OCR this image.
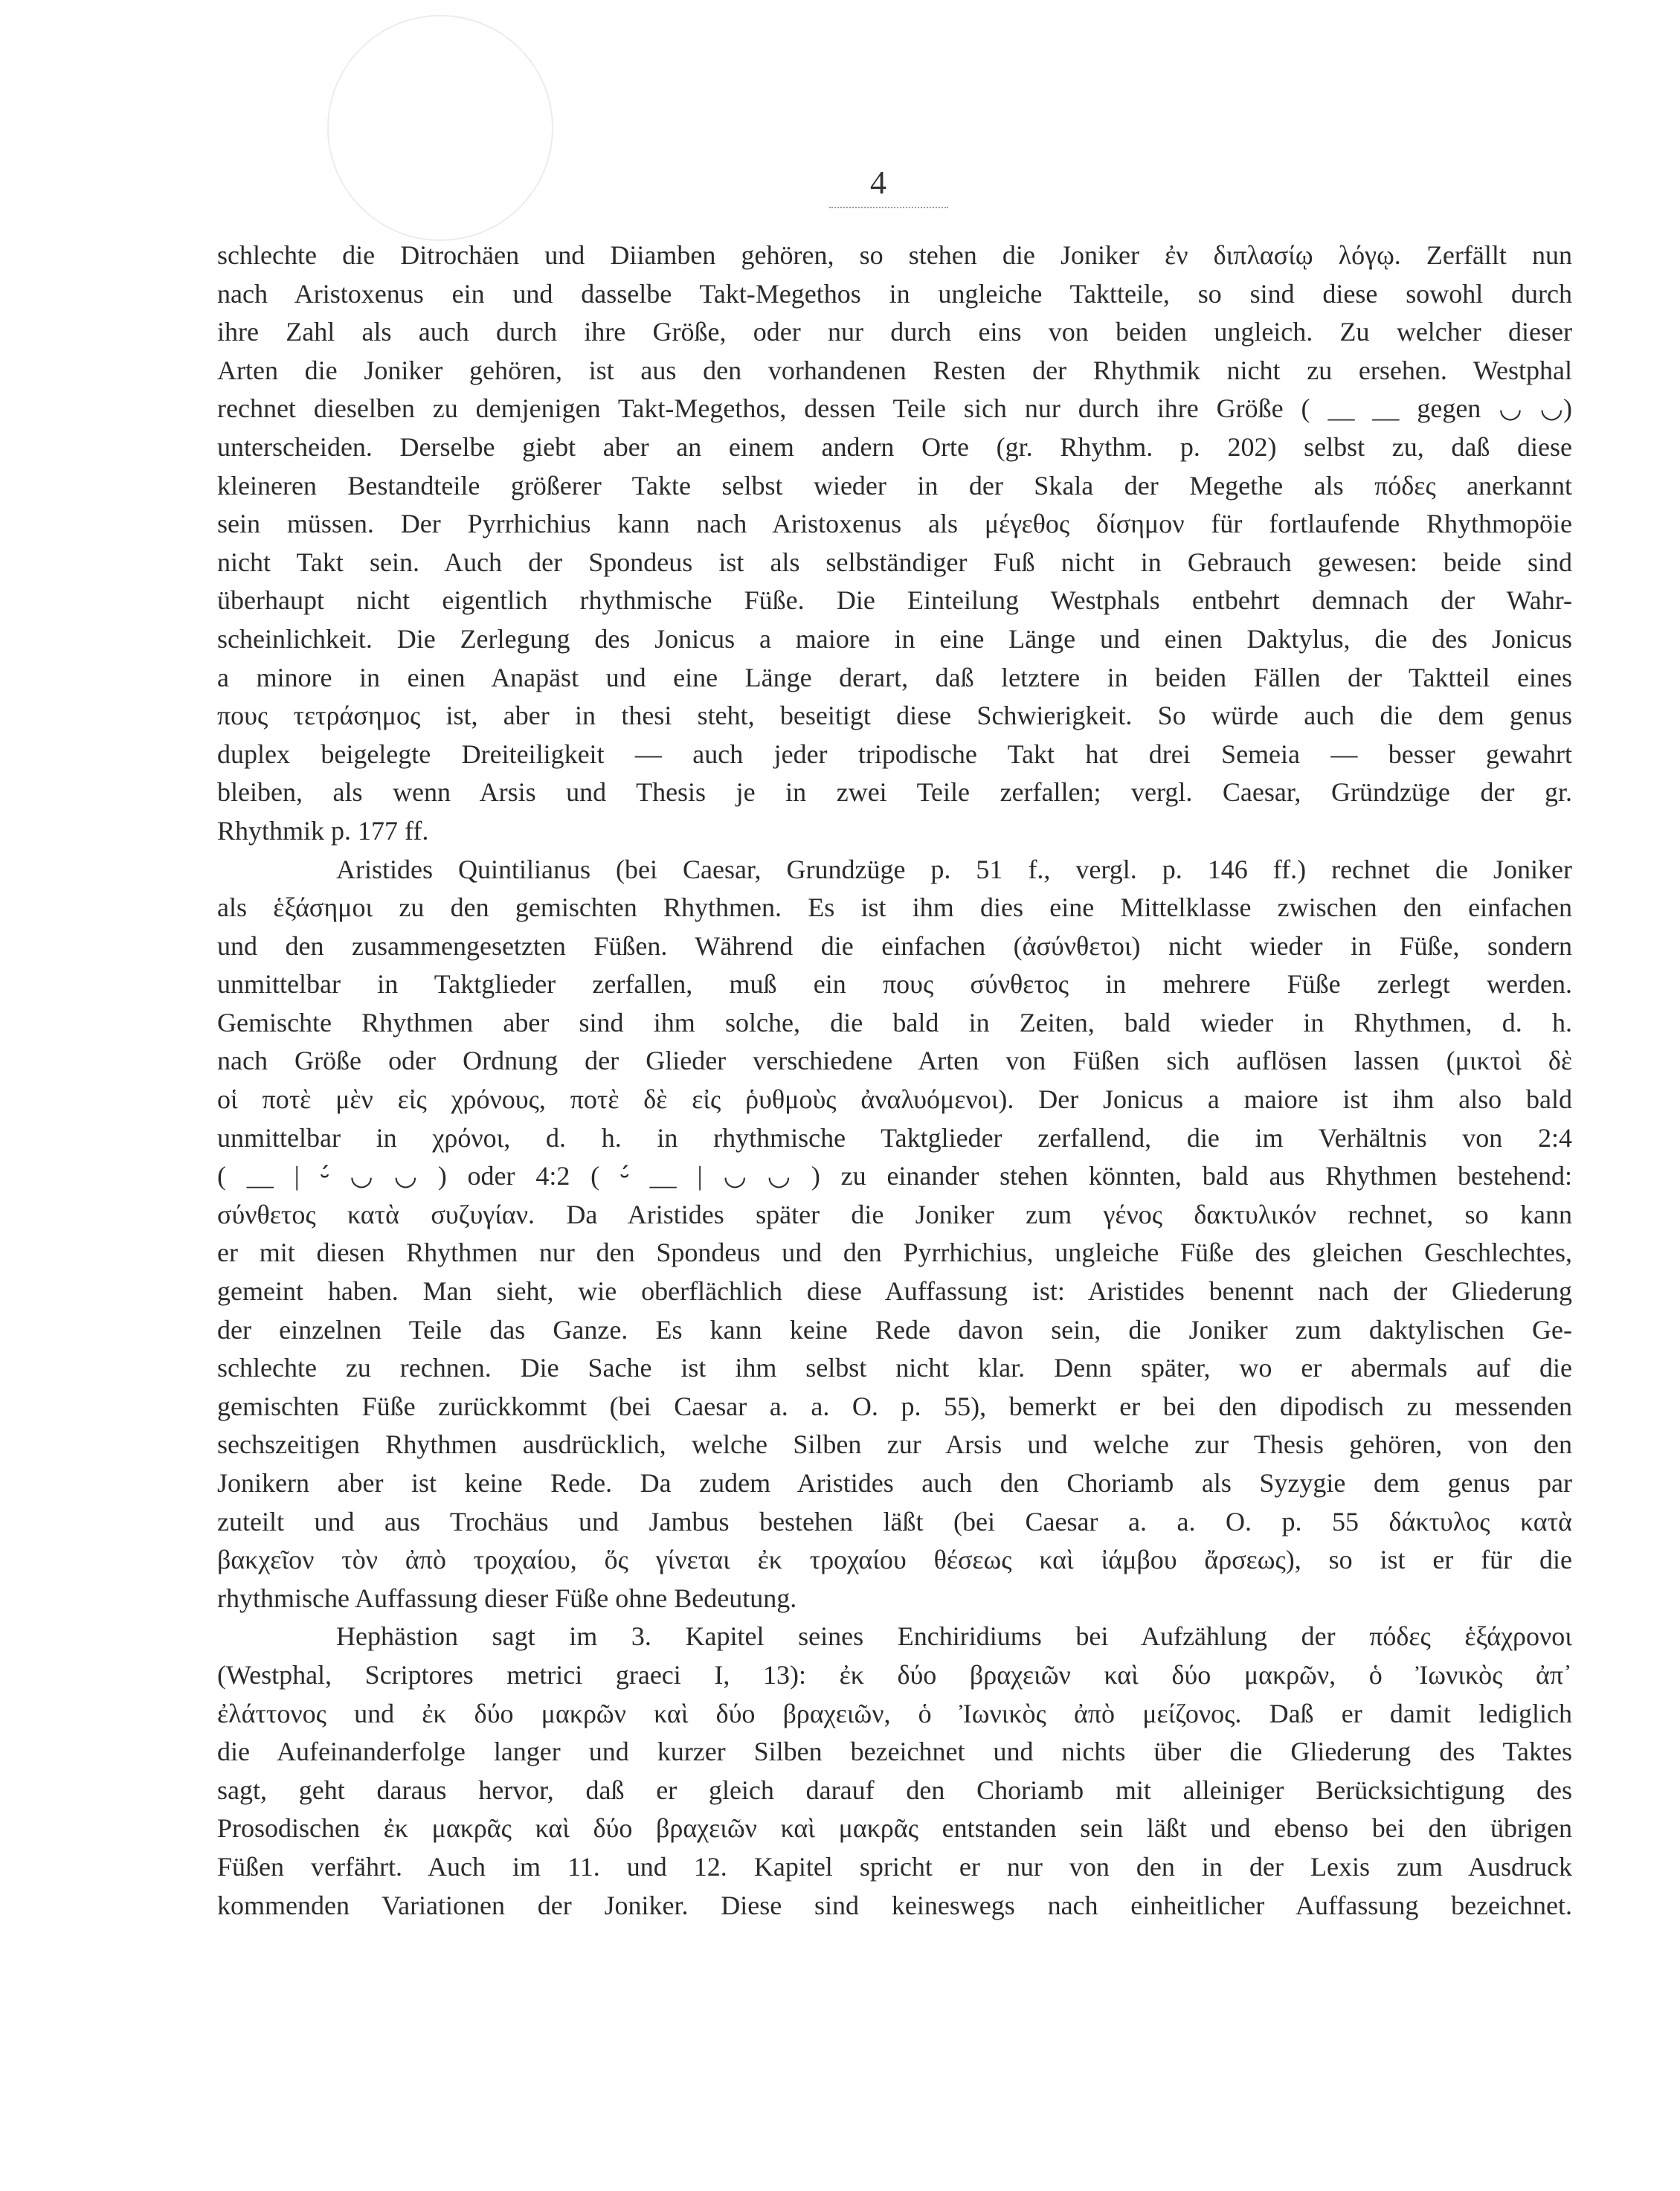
4
schlechte die Ditrochäen und Diiamben gehören, so stehen die Joniker ἐν διπλασίῳ λόγῳ. Zerfällt nun
nach Aristoxenus ein und dasselbe Takt-Megethos in ungleiche Taktteile, so sind diese sowohl durch
ihre Zahl als auch durch ihre Größe, oder nur durch eins von beiden ungleich. Zu welcher dieser
Arten die Joniker gehören, ist aus den vorhandenen Resten der Rhythmik nicht zu ersehen. Westphal
rechnet dieselben zu demjenigen Takt-Megethos, dessen Teile sich nur durch ihre Größe ( __ __ gegen ◡ ◡)
unterscheiden. Derselbe giebt aber an einem andern Orte (gr. Rhythm. p. 202) selbst zu, daß diese
kleineren Bestandteile größerer Takte selbst wieder in der Skala der Megethe als πόδες anerkannt
sein müssen. Der Pyrrhichius kann nach Aristoxenus als μέγεθος δίσημον für fortlaufende Rhythmopöie
nicht Takt sein. Auch der Spondeus ist als selbständiger Fuß nicht in Gebrauch gewesen: beide sind
überhaupt nicht eigentlich rhythmische Füße. Die Einteilung Westphals entbehrt demnach der Wahr-
scheinlichkeit. Die Zerlegung des Jonicus a maiore in eine Länge und einen Daktylus, die des Jonicus
a minore in einen Anapäst und eine Länge derart, daß letztere in beiden Fällen der Taktteil eines
πους τετράσημος ist, aber in thesi steht, beseitigt diese Schwierigkeit. So würde auch die dem genus
duplex beigelegte Dreiteiligkeit — auch jeder tripodische Takt hat drei Semeia — besser gewahrt
bleiben, als wenn Arsis und Thesis je in zwei Teile zerfallen; vergl. Caesar, Gründzüge der gr.
Rhythmik p. 177 ff.
Aristides Quintilianus (bei Caesar, Grundzüge p. 51 f., vergl. p. 146 ff.) rechnet die Joniker
als ἑξάσημοι zu den gemischten Rhythmen. Es ist ihm dies eine Mittelklasse zwischen den einfachen
und den zusammengesetzten Füßen. Während die einfachen (ἀσύνθετοι) nicht wieder in Füße, sondern
unmittelbar in Taktglieder zerfallen, muß ein πους σύνθετος in mehrere Füße zerlegt werden.
Gemischte Rhythmen aber sind ihm solche, die bald in Zeiten, bald wieder in Rhythmen, d. h.
nach Größe oder Ordnung der Glieder verschiedene Arten von Füßen sich auflösen lassen (μικτοὶ δὲ
οἱ ποτὲ μὲν εἰς χρόνους, ποτὲ δὲ εἰς ῥυθμοὺς ἀναλυόμενοι). Der Jonicus a maiore ist ihm also bald
unmittelbar in χρόνοι, d. h. in rhythmische Taktglieder zerfallend, die im Verhältnis von 2:4
( __ | ⏑́ ◡ ◡ ) oder 4:2 ( ⏑́ __ | ◡ ◡ ) zu einander stehen könnten, bald aus Rhythmen bestehend:
σύνθετος κατὰ συζυγίαν. Da Aristides später die Joniker zum γένος δακτυλικόν rechnet, so kann
er mit diesen Rhythmen nur den Spondeus und den Pyrrhichius, ungleiche Füße des gleichen Geschlechtes,
gemeint haben. Man sieht, wie oberflächlich diese Auffassung ist: Aristides benennt nach der Gliederung
der einzelnen Teile das Ganze. Es kann keine Rede davon sein, die Joniker zum daktylischen Ge-
schlechte zu rechnen. Die Sache ist ihm selbst nicht klar. Denn später, wo er abermals auf die
gemischten Füße zurückkommt (bei Caesar a. a. O. p. 55), bemerkt er bei den dipodisch zu messenden
sechszeitigen Rhythmen ausdrücklich, welche Silben zur Arsis und welche zur Thesis gehören, von den
Jonikern aber ist keine Rede. Da zudem Aristides auch den Choriamb als Syzygie dem genus par
zuteilt und aus Trochäus und Jambus bestehen läßt (bei Caesar a. a. O. p. 55 δάκτυλος κατὰ
βακχεῖον τὸν ἀπὸ τροχαίου, ὅς γίνεται ἐκ τροχαίου θέσεως καὶ ἰάμβου ἄρσεως), so ist er für die
rhythmische Auffassung dieser Füße ohne Bedeutung.
Hephästion sagt im 3. Kapitel seines Enchiridiums bei Aufzählung der πόδες ἑξάχρονοι
(Westphal, Scriptores metrici graeci I, 13): ἐκ δύο βραχειῶν καὶ δύο μακρῶν, ὁ Ἰωνικὸς ἀπ᾽
ἐλάττονος und ἐκ δύο μακρῶν καὶ δύο βραχειῶν, ὁ Ἰωνικὸς ἀπὸ μείζονος. Daß er damit lediglich
die Aufeinanderfolge langer und kurzer Silben bezeichnet und nichts über die Gliederung des Taktes
sagt, geht daraus hervor, daß er gleich darauf den Choriamb mit alleiniger Berücksichtigung des
Prosodischen ἐκ μακρᾶς καὶ δύο βραχειῶν καὶ μακρᾶς entstanden sein läßt und ebenso bei den übrigen
Füßen verfährt. Auch im 11. und 12. Kapitel spricht er nur von den in der Lexis zum Ausdruck
kommenden Variationen der Joniker. Diese sind keineswegs nach einheitlicher Auffassung bezeichnet.
